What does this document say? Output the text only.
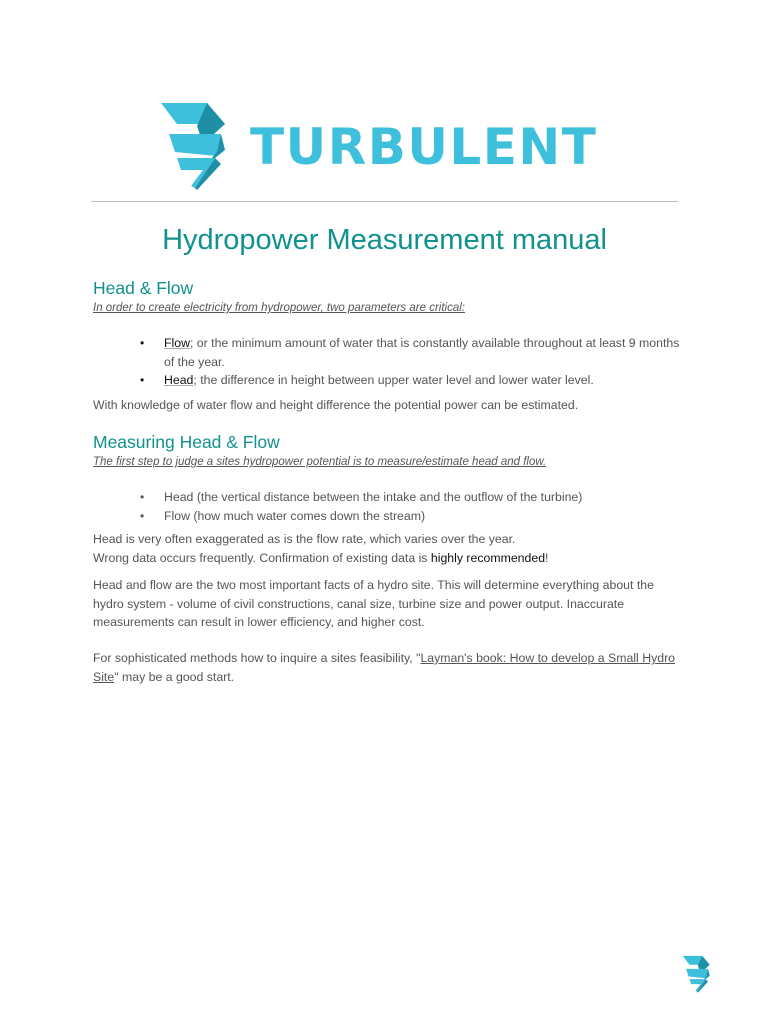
TURBULENT
Hydropower Measurement manual
Head & Flow

In order to create electricity from hydropower, two parameters are critical:

• Flow; or the minimum amount of water that is constantly available throughout at least 9 months of the year.
• Head; the difference in height between upper water level and lower water level.

With knowledge of water flow and height difference the potential power can be estimated.

Measuring Head & Flow

The first step to judge a sites hydropower potential is to measure/estimate head and flow.

• Head (the vertical distance between the intake and the outflow of the turbine)
• Flow (how much water comes down the stream)

Head is very often exaggerated as is the flow rate, which varies over the year.
Wrong data occurs frequently. Confirmation of existing data is highly recommended!

Head and flow are the two most important facts of a hydro site. This will determine everything about the hydro system - volume of civil constructions, canal size, turbine size and power output. Inaccurate measurements can result in lower efficiency, and higher cost.

For sophisticated methods how to inquire a sites feasibility, "Layman's book: How to develop a Small Hydro Site" may be a good start.
